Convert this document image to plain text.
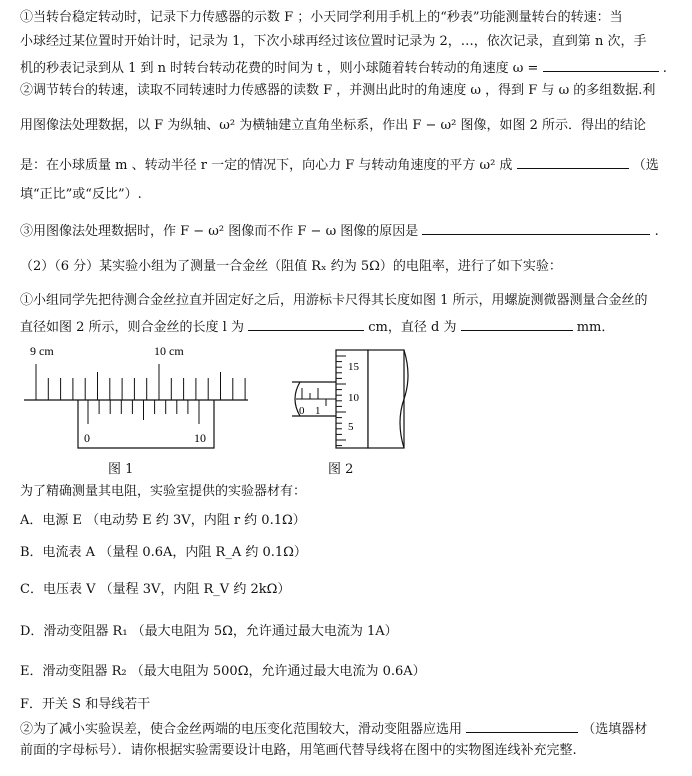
①当转台稳定转动时，记录下力传感器的示数 F ；小天同学利用手机上的“秒表”功能测量转台的转速：当
小球经过某位置时开始计时，记录为 1，下次小球再经过该位置时记录为 2，…，依次记录，直到第 n 次，手
机的秒表记录到从 1 到 n 时转台转动花费的时间为 t ，则小球随着转台转动的角速度 ω =	.
②调节转台的转速，读取不同转速时力传感器的读数 F ，并测出此时的角速度 ω ，得到 F 与 ω 的多组数据.利
用图像法处理数据，以 F 为纵轴、ω² 为横轴建立直角坐标系，作出 F − ω² 图像，如图 2 所示．得出的结论
是：在小球质量 m 、转动半径 r 一定的情况下，向心力 F 与转动角速度的平方 ω² 成	（选
填“正比”或“反比”）.
③用图像法处理数据时，作 F − ω² 图像而不作 F − ω 图像的原因是	.
（2）（6 分）某实验小组为了测量一合金丝（阻值 Rₓ 约为 5Ω）的电阻率，进行了如下实验：
①小组同学先把待测合金丝拉直并固定好之后，用游标卡尺得其长度如图 1 所示，用螺旋测微器测量合金丝的
直径如图 2 所示，则合金丝的长度 l 为	cm，直径 d 为	mm．
9 cm	10 cm
0	10
图 1
0 1
15
10
5
图 2
为了精确测量其电阻，实验室提供的实验器材有：
A．电源 E （电动势 E 约 3V，内阻 r 约 0.1Ω）
B．电流表 A （量程 0.6A，内阻 R_A 约 0.1Ω）
C．电压表 V （量程 3V，内阻 R_V 约 2kΩ）
D．滑动变阻器 R₁ （最大电阻为 5Ω，允许通过最大电流为 1A）
E．滑动变阻器 R₂ （最大电阻为 500Ω，允许通过最大电流为 0.6A）
F．开关 S 和导线若干
②为了减小实验误差，使合金丝两端的电压变化范围较大，滑动变阻器应选用	（选填器材
前面的字母标号）．请你根据实验需要设计电路，用笔画代替导线将在图中的实物图连线补充完整.
